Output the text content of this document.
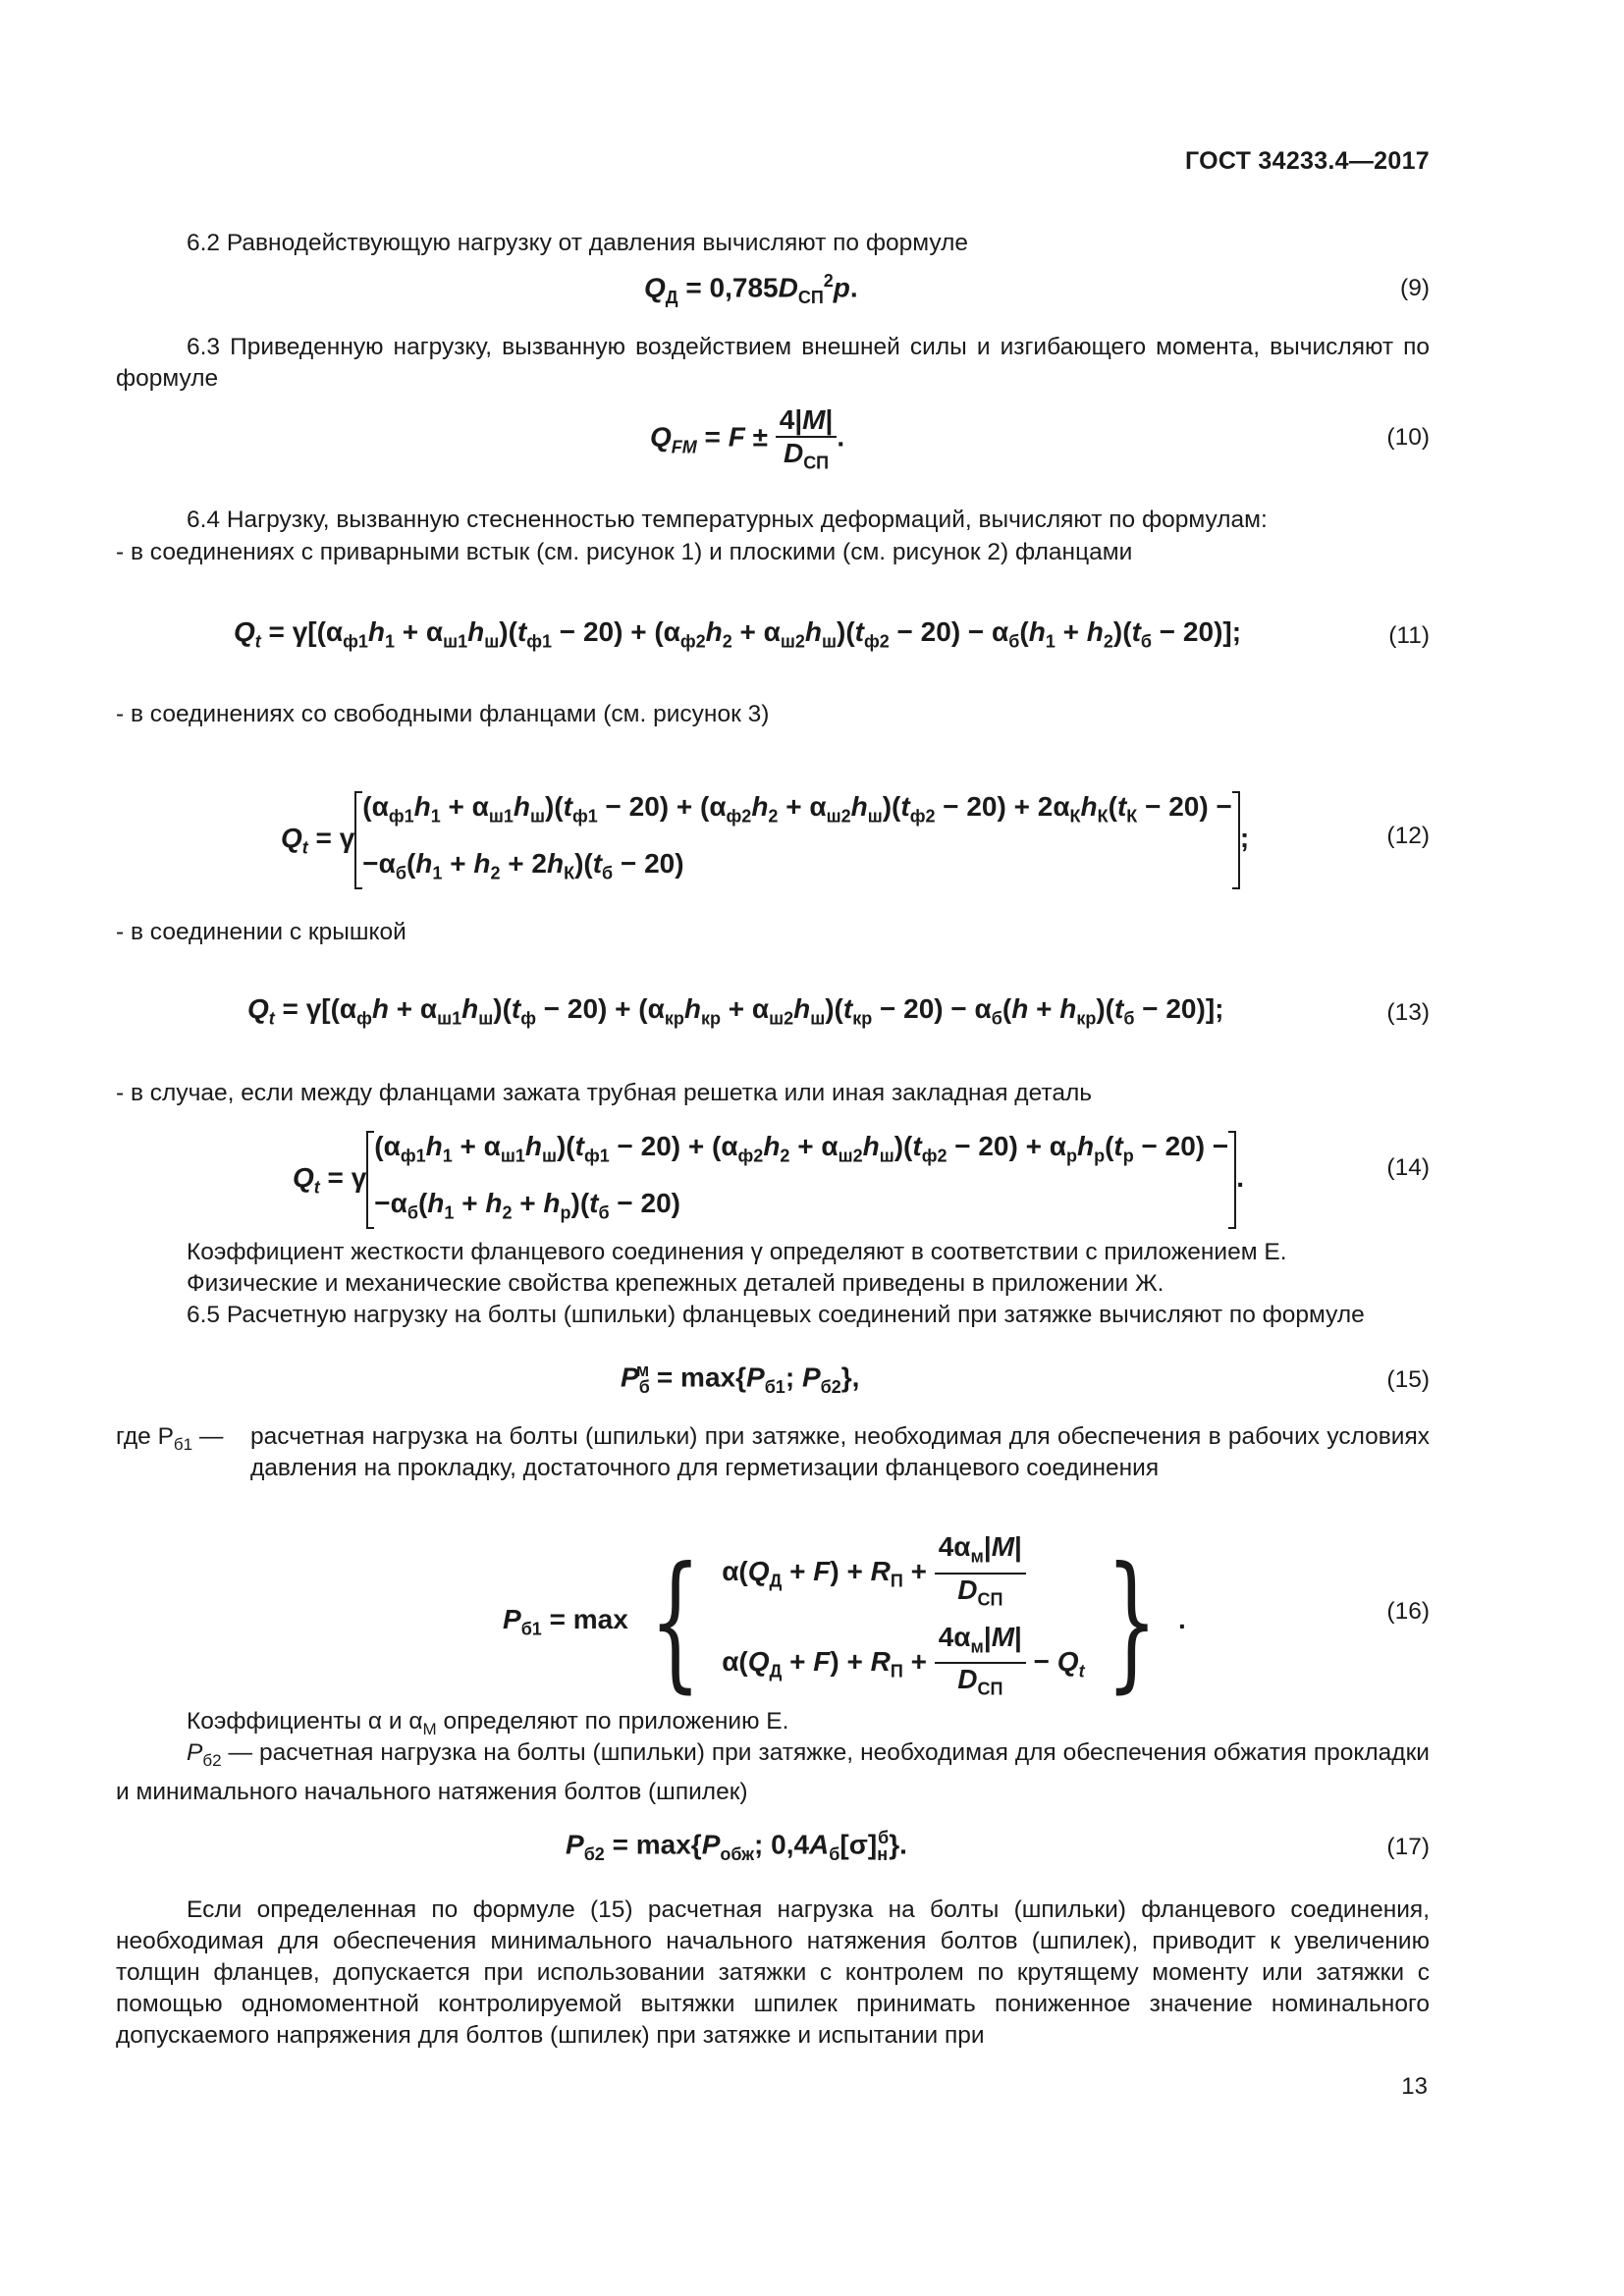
ГОСТ 34233.4—2017
6.2 Равнодействующую нагрузку от давления вычисляют по формуле
$Q_Д = 0,785D_{СП}^2p$.	(9)
6.3 Приведенную нагрузку, вызванную воздействием внешней силы и изгибающего момента, вычисляют по формуле
$Q_{FM} = F \pm \frac{4|M|}{D_{СП}}$ .	(10)
6.4 Нагрузку, вызванную стесненностью температурных деформаций, вычисляют по формулам:
- в соединениях с приварными встык (см. рисунок 1) и плоскими (см. рисунок 2) фланцами
$Q_t = \gamma[(\alpha_{ф1}h_1 + \alpha_{ш1}h_ш)(t_{ф1} - 20) + (\alpha_{ф2}h_2 + \alpha_{ш2}h_ш)(t_{ф2} - 20) - \alpha_б(h_1 + h_2)(t_б - 20)]$;	(11)
- в соединениях со свободными фланцами (см. рисунок 3)
$Q_t = \gamma(\alpha_{ф1}h_1 + \alpha_{ш1}h_ш)(t_{ф1} - 20) + (\alpha_{ф2}h_2 + \alpha_{ш2}h_ш)(t_{ф2} - 20) + 2\alpha_Кh_К(t_К - 20)$ −
$-\alpha_б(h_1 + h_2 + 2h_К)(t_б - 20)$;	(12)
- в соединении с крышкой
$Q_t = \gamma[(\alpha_фh + \alpha_{ш1}h_ш)(t_ф - 20) + (\alpha_{кр}h_{кр} + \alpha_{ш2}h_ш)(t_{кр} - 20) - \alpha_б(h + h_{кр})(t_б - 20)]$;	(13)
- в случае, если между фланцами зажата трубная решетка или иная закладная деталь
$Q_t = \gamma(\alpha_{ф1}h_1 + \alpha_{ш1}h_ш)(t_{ф1} - 20) + (\alpha_{ф2}h_2 + \alpha_{ш2}h_ш)(t_{ф2} - 20) + \alpha_рh_р(t_р - 20)$ −
$-\alpha_б(h_1 + h_2 + h_р)(t_б - 20)$.	(14)
Коэффициент жесткости фланцевого соединения γ определяют в соответствии с приложением Е.
Физические и механические свойства крепежных деталей приведены в приложении Ж.
6.5 Расчетную нагрузку на болты (шпильки) фланцевых соединений при затяжке вычисляют по формуле
$P_б^м = \max\{P_{б1}$; $P_{б2}$},	(15)
где $P_{б1}$ — расчетная нагрузка на болты (шпильки) при затяжке, необходимая для обеспечения в рабочих условиях давления на прокладку, достаточного для герметизации фланцевого соединения
$P_{б1} = \max$ { $\alpha(Q_Д + F) + R_П + \frac{4\alpha_м|M|}{D_{СП}}$

$\alpha(Q_Д + F) + R_П + \frac{4\alpha_м|M|}{D_{СП}} - Q_t$ } .	(16)
Коэффициенты α и $\alpha_М$ определяют по приложению Е.
$P_{б2}$ — расчетная нагрузка на болты (шпильки) при затяжке, необходимая для обеспечения обжатия прокладки и минимального начального натяжения болтов (шпилек)
$P_{б2} = \max\{P_{обж}$; $0,4A_б[\sigma]_н^б$}.	(17)
Если определенная по формуле (15) расчетная нагрузка на болты (шпильки) фланцевого соединения, необходимая для обеспечения минимального начального натяжения болтов (шпилек), приводит к увеличению толщин фланцев, допускается при использовании затяжки с контролем по крутящему моменту или затяжки с помощью одномоментной контролируемой вытяжки шпилек принимать пониженное значение номинального допускаемого напряжения для болтов (шпилек) при затяжке и испытании при
13
